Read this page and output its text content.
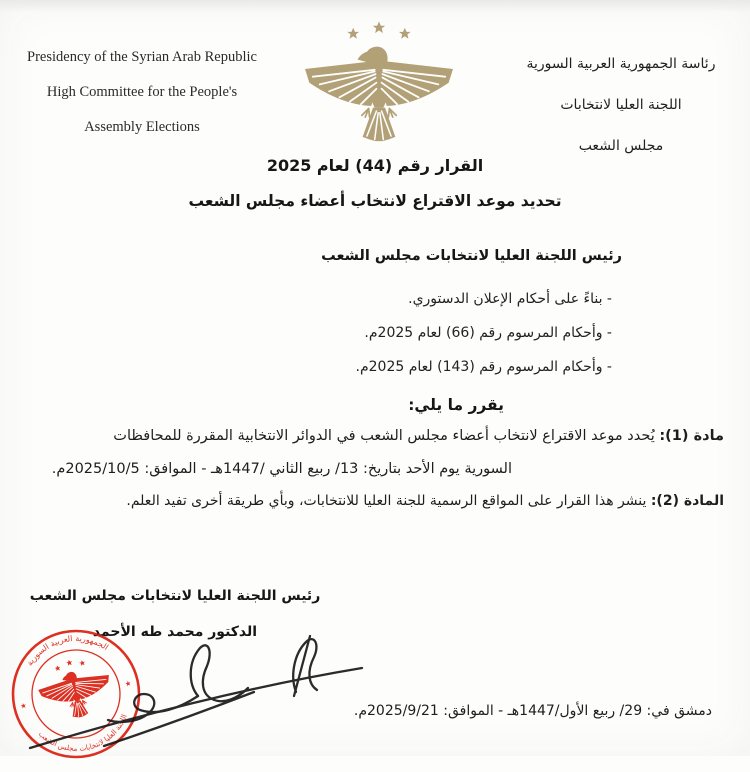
Presidency of the Syrian Arab Republic
High Committee for the People's
Assembly Elections
رئاسة الجمهورية العربية السورية
اللجنة العليا لانتخابات
مجلس الشعب
القرار رقم (44) لعام 2025
تحديد موعد الاقتراع لانتخاب أعضاء مجلس الشعب
رئيس اللجنة العليا لانتخابات مجلس الشعب
- بناءً على أحكام الإعلان الدستوري.
- وأحكام المرسوم رقم (66) لعام 2025م.
- وأحكام المرسوم رقم (143) لعام 2025م.
يقرر ما يلي:
مادة (1): يُحدد موعد الاقتراع لانتخاب أعضاء مجلس الشعب في الدوائر الانتخابية المقررة للمحافظات
السورية يوم الأحد بتاريخ: 13/ ربيع الثاني /1447هـ - الموافق: 2025/10/5م.
المادة (2): ينشر هذا القرار على المواقع الرسمية للجنة العليا للانتخابات، وبأي طريقة أخرى تفيد العلم.
رئيس اللجنة العليا لانتخابات مجلس الشعب
الدكتور محمد طه الأحمد
الجمهورية العربية السورية
اللجنة العليا لانتخابات مجلس الشعب
★
★
دمشق في: 29/ ربيع الأول/1447هـ - الموافق: 2025/9/21م.
